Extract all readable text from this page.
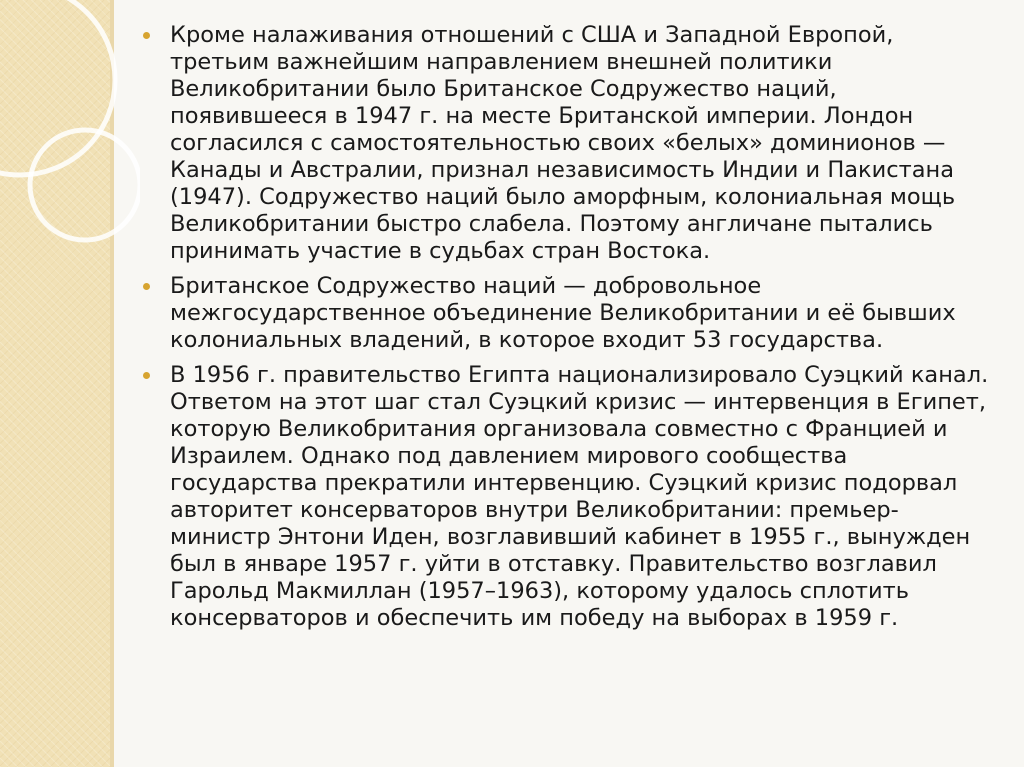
Кроме налаживания отношений с США и Западной Европой, третьим важнейшим направлением внешней политики Великобритании было Британское Содружество наций, появившееся в 1947 г. на месте Британской империи. Лондон согласился с самостоятельностью своих «белых» доминионов — Канады и Австралии, признал независимость Индии и Пакистана (1947). Содружество наций было аморфным, колониальная мощь Великобритании быстро слабела. Поэтому англичане пытались принимать участие в судьбах стран Востока.
Британское Содружество наций — добровольное межгосударственное объединение Великобритании и её бывших колониальных владений, в которое входит 53 государства.
В 1956 г. правительство Египта национализировало Суэцкий канал. Ответом на этот шаг стал Суэцкий кризис — интервенция в Египет, которую Великобритания организовала совместно с Францией и Израилем. Однако под давлением мирового сообщества государства прекратили интервенцию. Суэцкий кризис подорвал авторитет консерваторов внутри Великобритании: премьер-министр Энтони Иден, возглавивший кабинет в 1955 г., вынужден был в январе 1957 г. уйти в отставку. Правительство возглавил Гарольд Макмиллан (1957–1963), которому удалось сплотить консерваторов и обеспечить им победу на выборах в 1959 г.
